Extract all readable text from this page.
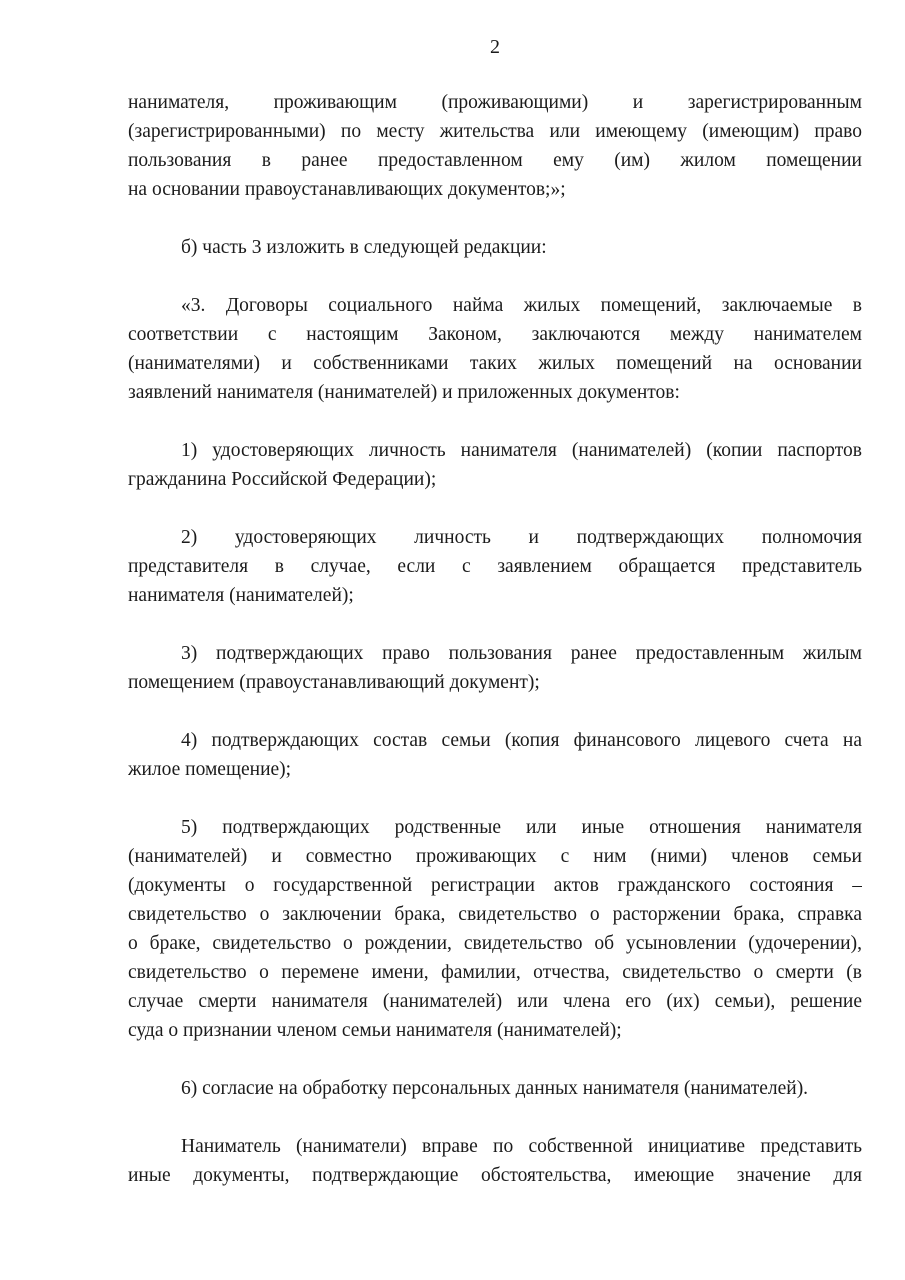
2
нанимателя, проживающим (проживающими) и зарегистрированным
(зарегистрированными) по месту жительства или имеющему (имеющим) право
пользования в ранее предоставленном ему (им) жилом помещении
на основании правоустанавливающих документов;»;
б) часть 3 изложить в следующей редакции:
«3. Договоры социального найма жилых помещений, заключаемые в
соответствии с настоящим Законом, заключаются между нанимателем
(нанимателями) и собственниками таких жилых помещений на основании
заявлений нанимателя (нанимателей) и приложенных документов:
1) удостоверяющих личность нанимателя (нанимателей) (копии паспортов
гражданина Российской Федерации);
2) удостоверяющих личность и подтверждающих полномочия
представителя в случае, если с заявлением обращается представитель
нанимателя (нанимателей);
3) подтверждающих право пользования ранее предоставленным жилым
помещением (правоустанавливающий документ);
4) подтверждающих состав семьи (копия финансового лицевого счета на
жилое помещение);
5) подтверждающих родственные или иные отношения нанимателя
(нанимателей) и совместно проживающих с ним (ними) членов семьи
(документы о государственной регистрации актов гражданского состояния –
свидетельство о заключении брака, свидетельство о расторжении брака, справка
о браке, свидетельство о рождении, свидетельство об усыновлении (удочерении),
свидетельство о перемене имени, фамилии, отчества, свидетельство о смерти (в
случае смерти нанимателя (нанимателей) или члена его (их) семьи), решение
суда о признании членом семьи нанимателя (нанимателей);
6) согласие на обработку персональных данных нанимателя (нанимателей).
Наниматель (наниматели) вправе по собственной инициативе представить
иные документы, подтверждающие обстоятельства, имеющие значение для
